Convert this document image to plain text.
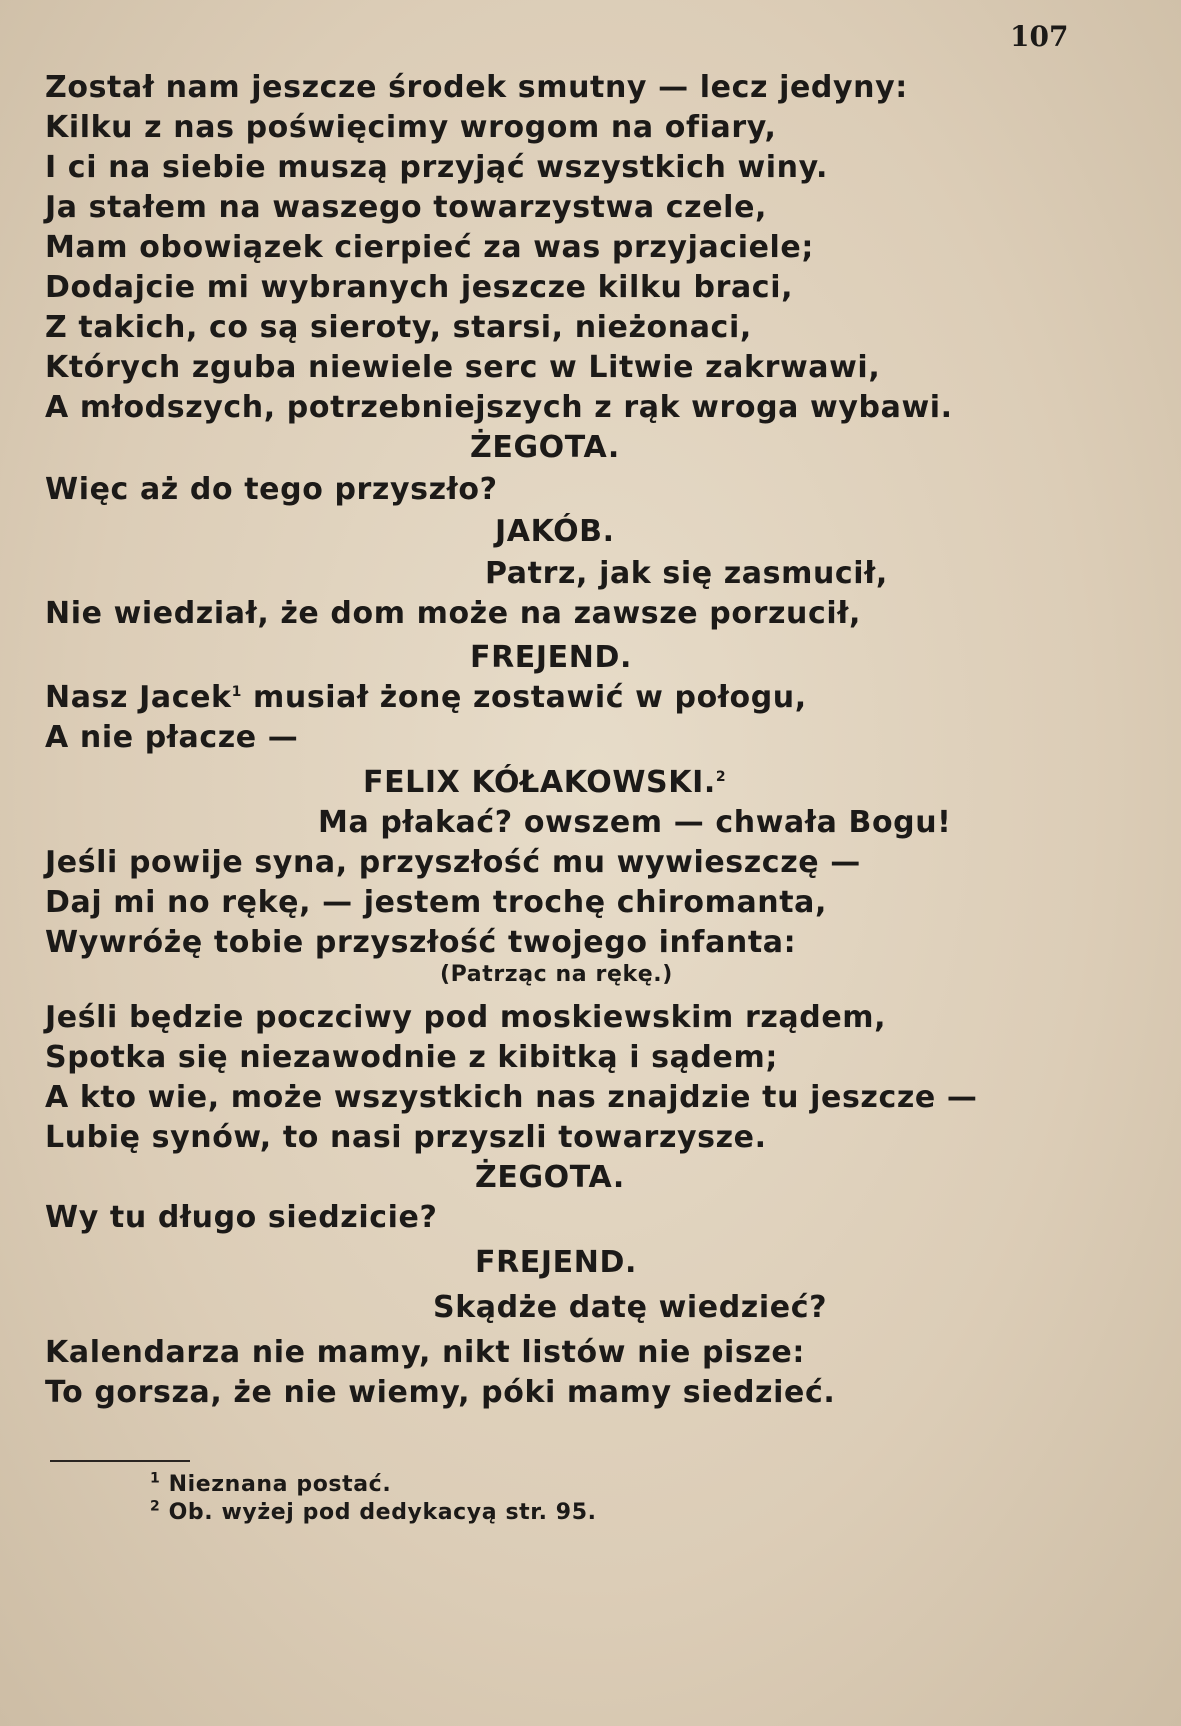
107
Został nam jeszcze środek smutny — lecz jedyny:
Kilku z nas poświęcimy wrogom na ofiary,
I ci na siebie muszą przyjąć wszystkich winy.
Ja stałem na waszego towarzystwa czele,
Mam obowiązek cierpieć za was przyjaciele;
Dodajcie mi wybranych jeszcze kilku braci,
Z takich, co są sieroty, starsi, nieżonaci,
Których zguba niewiele serc w Litwie zakrwawi,
A młodszych, potrzebniejszych z rąk wroga wybawi.
ŻEGOTA.
Więc aż do tego przyszło?
JAKÓB.
Patrz, jak się zasmucił,
Nie wiedział, że dom może na zawsze porzucił,
FREJEND.
Nasz Jacek$^1$ musiał żonę zostawić w połogu,
A nie płacze —
FELIX KÓŁAKOWSKI.$^2$
Ma płakać? owszem — chwała Bogu!
Jeśli powije syna, przyszłość mu wywieszczę —
Daj mi no rękę, — jestem trochę chiromanta,
Wywróżę tobie przyszłość twojego infanta:
(Patrząc na rękę.)
Jeśli będzie poczciwy pod moskiewskim rządem,
Spotka się niezawodnie z kibitką i sądem;
A kto wie, może wszystkich nas znajdzie tu jeszcze —
Lubię synów, to nasi przyszli towarzysze.
ŻEGOTA.
Wy tu długo siedzicie?
FREJEND.
Skądże datę wiedzieć?
Kalendarza nie mamy, nikt listów nie pisze:
To gorsza, że nie wiemy, póki mamy siedzieć.
$^1$ Nieznana postać.
$^2$ Ob. wyżej pod dedykacyą str. 95.
